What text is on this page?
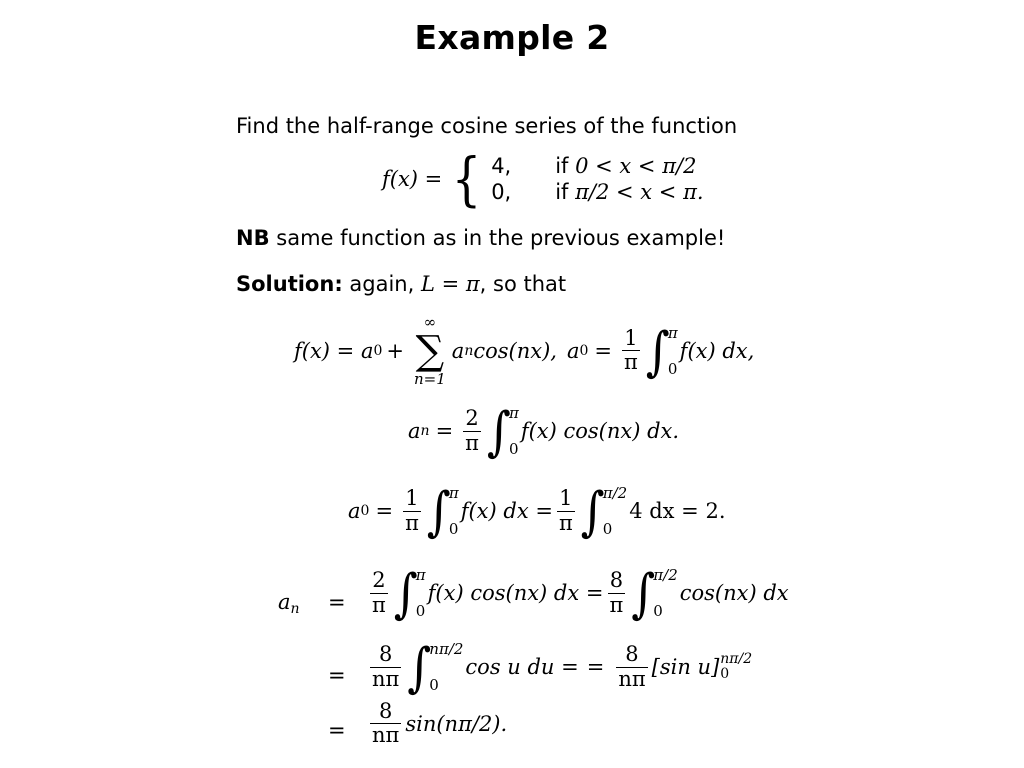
Example 2
Find the half-range cosine series of the function
f(x) = { 4,	if 0 < x < π/2
0,	if π/2 < x < π.
NB same function as in the previous example!
Solution: again, L = π, so that
f(x) = a 0 +
∞
∑
n=1
a n cos(nx), a $0 = \frac{1}{\pi}$ ∫
π
0
f(x) dx,
a $n = \frac{2}{\pi}$ ∫
π
0
f(x) cos(nx) dx.
a $0 = \frac{1}{\pi}$ ∫
π
0
f(x) dx = $\frac{1}{\pi}$ ∫
π/2
0
4 dx = 2.
$a_n$ =
=
=
$\frac{2}{\pi}$ ∫
π
0
f(x) cos(nx) dx = $\frac{8}{\pi}$ ∫
π/2
0
cos(nx) dx
$\frac{8}{n\pi}$ ∫
nπ/2
0
cos u du = = $\frac{8}{n\pi} [\sin$ u] nπ/2
0
$\frac{8}{n\pi} \sin(n\pi/2)$.
